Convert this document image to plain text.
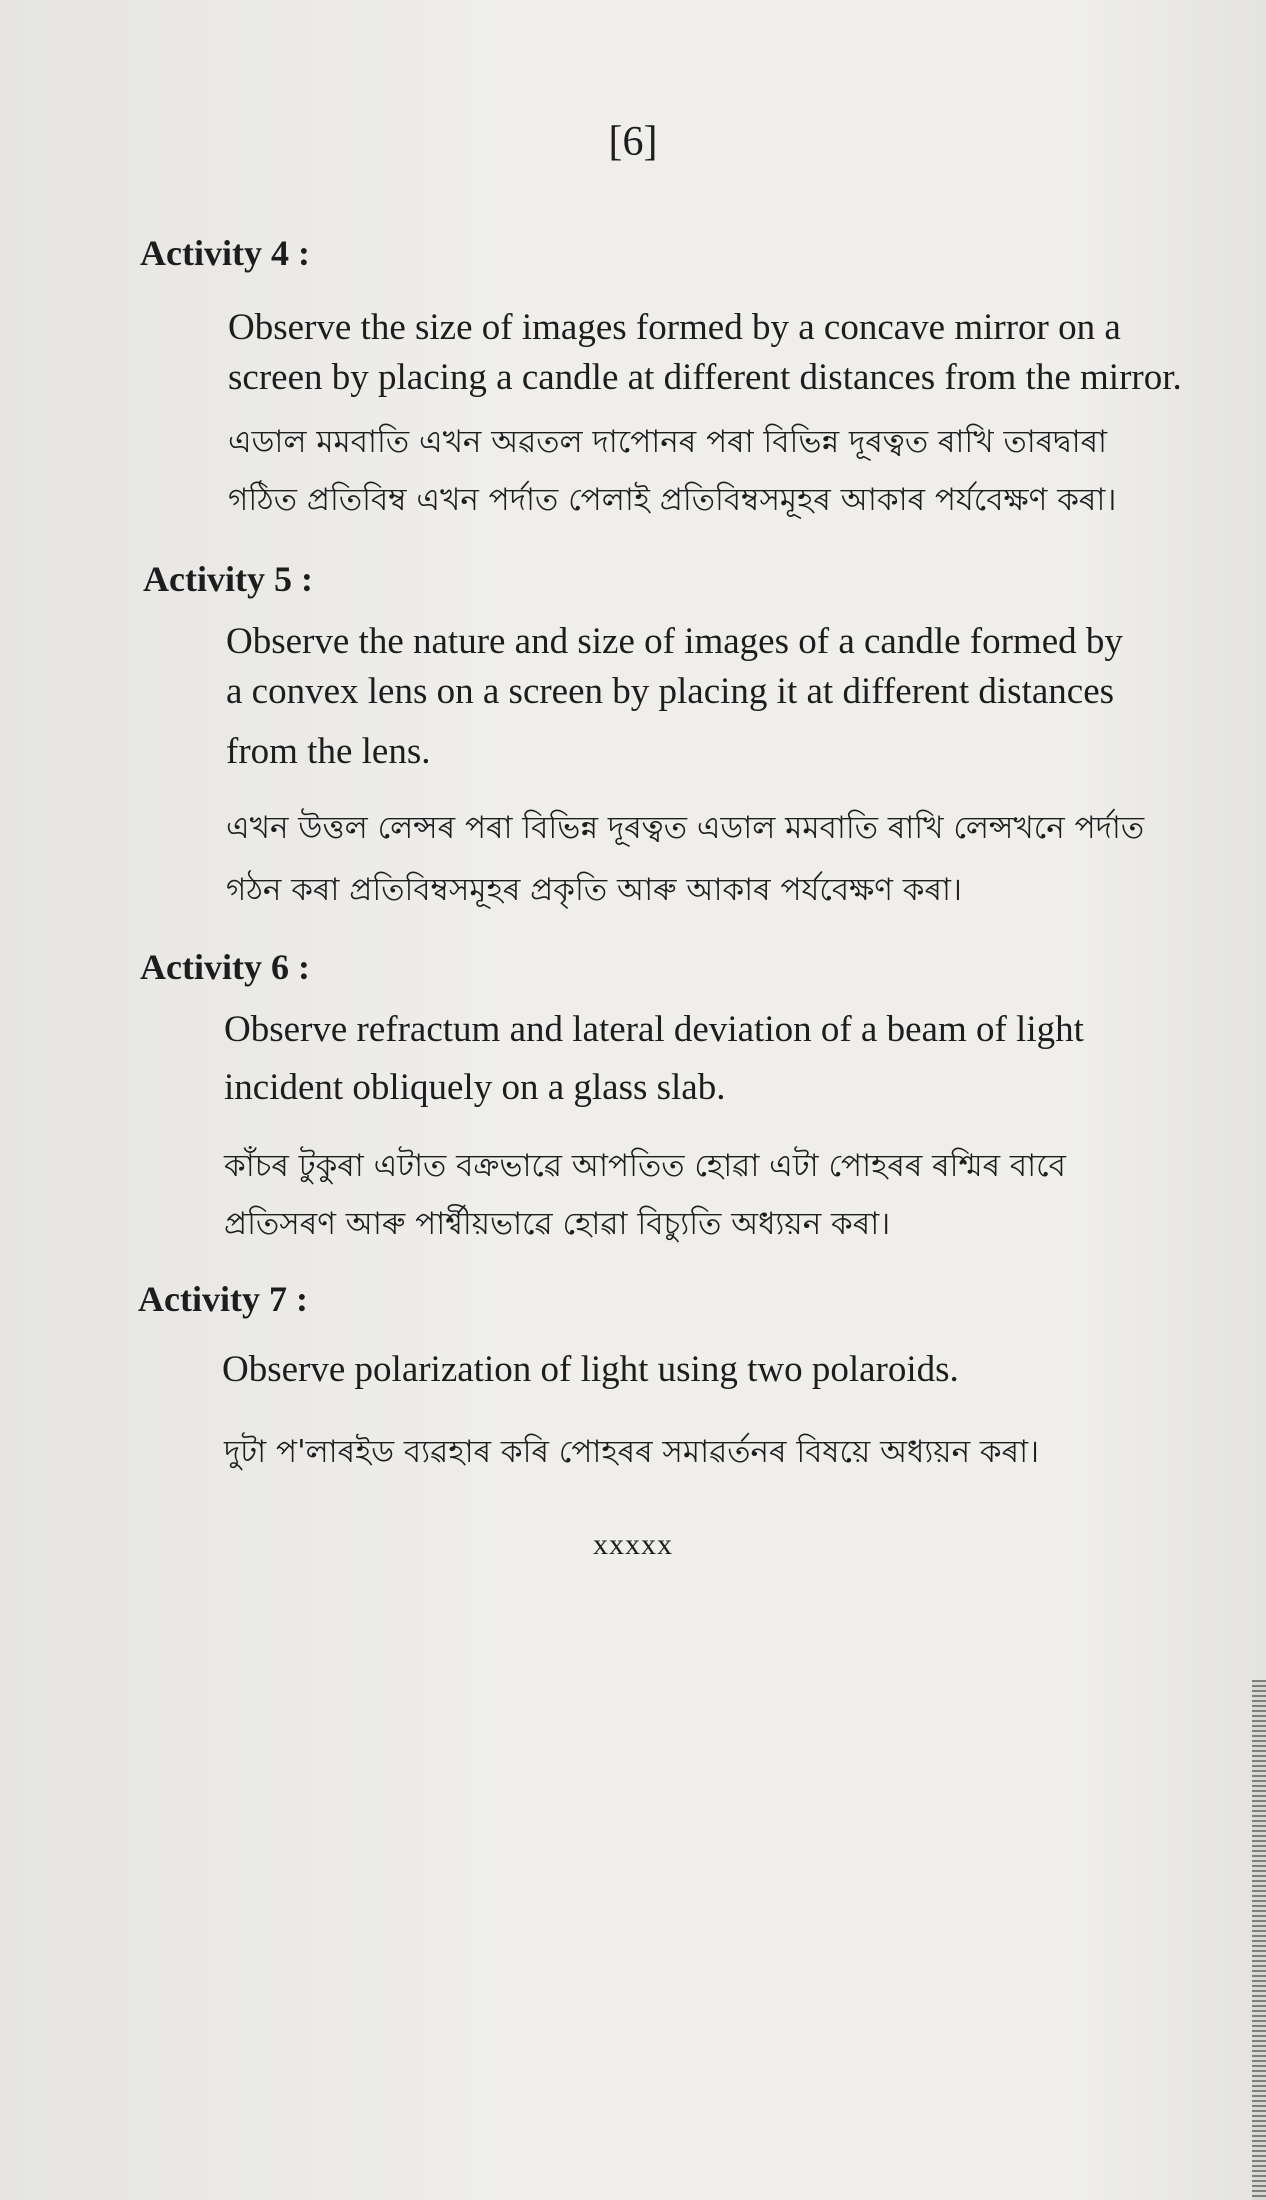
[6]
Activity 4 :
Observe the size of images formed by a concave mirror on a
screen by placing a candle at different distances from the mirror.
এডাল মমবাতি এখন অৱতল দাপোনৰ পৰা বিভিন্ন দূৰত্বত ৰাখি তাৰদ্বাৰা
গঠিত প্রতিবিম্ব এখন পৰ্দাত পেলাই প্রতিবিম্বসমূহৰ আকাৰ পৰ্যবেক্ষণ কৰা।
Activity 5 :
Observe the nature and size of images of a candle formed by
a convex lens on a screen by placing it at different distances
from the lens.
এখন উত্তল লেন্সৰ পৰা বিভিন্ন দূৰত্বত এডাল মমবাতি ৰাখি লেন্সখনে পৰ্দাত
গঠন কৰা প্রতিবিম্বসমূহৰ প্রকৃতি আৰু আকাৰ পৰ্যবেক্ষণ কৰা।
Activity 6 :
Observe refractum and lateral deviation of a beam of light
incident obliquely on a glass slab.
কাঁচৰ টুকুৰা এটাত বক্রভাৱে আপতিত হোৱা এটা পোহৰৰ ৰশ্মিৰ বাবে
প্রতিসৰণ আৰু পাৰ্শ্বীয়ভাৱে হোৱা বিচ্যুতি অধ্যয়ন কৰা।
Activity 7 :
Observe polarization of light using two polaroids.
দুটা প'লাৰইড ব্যৱহাৰ কৰি পোহৰৰ সমাৱৰ্তনৰ বিষয়ে অধ্যয়ন কৰা।
xxxxx
